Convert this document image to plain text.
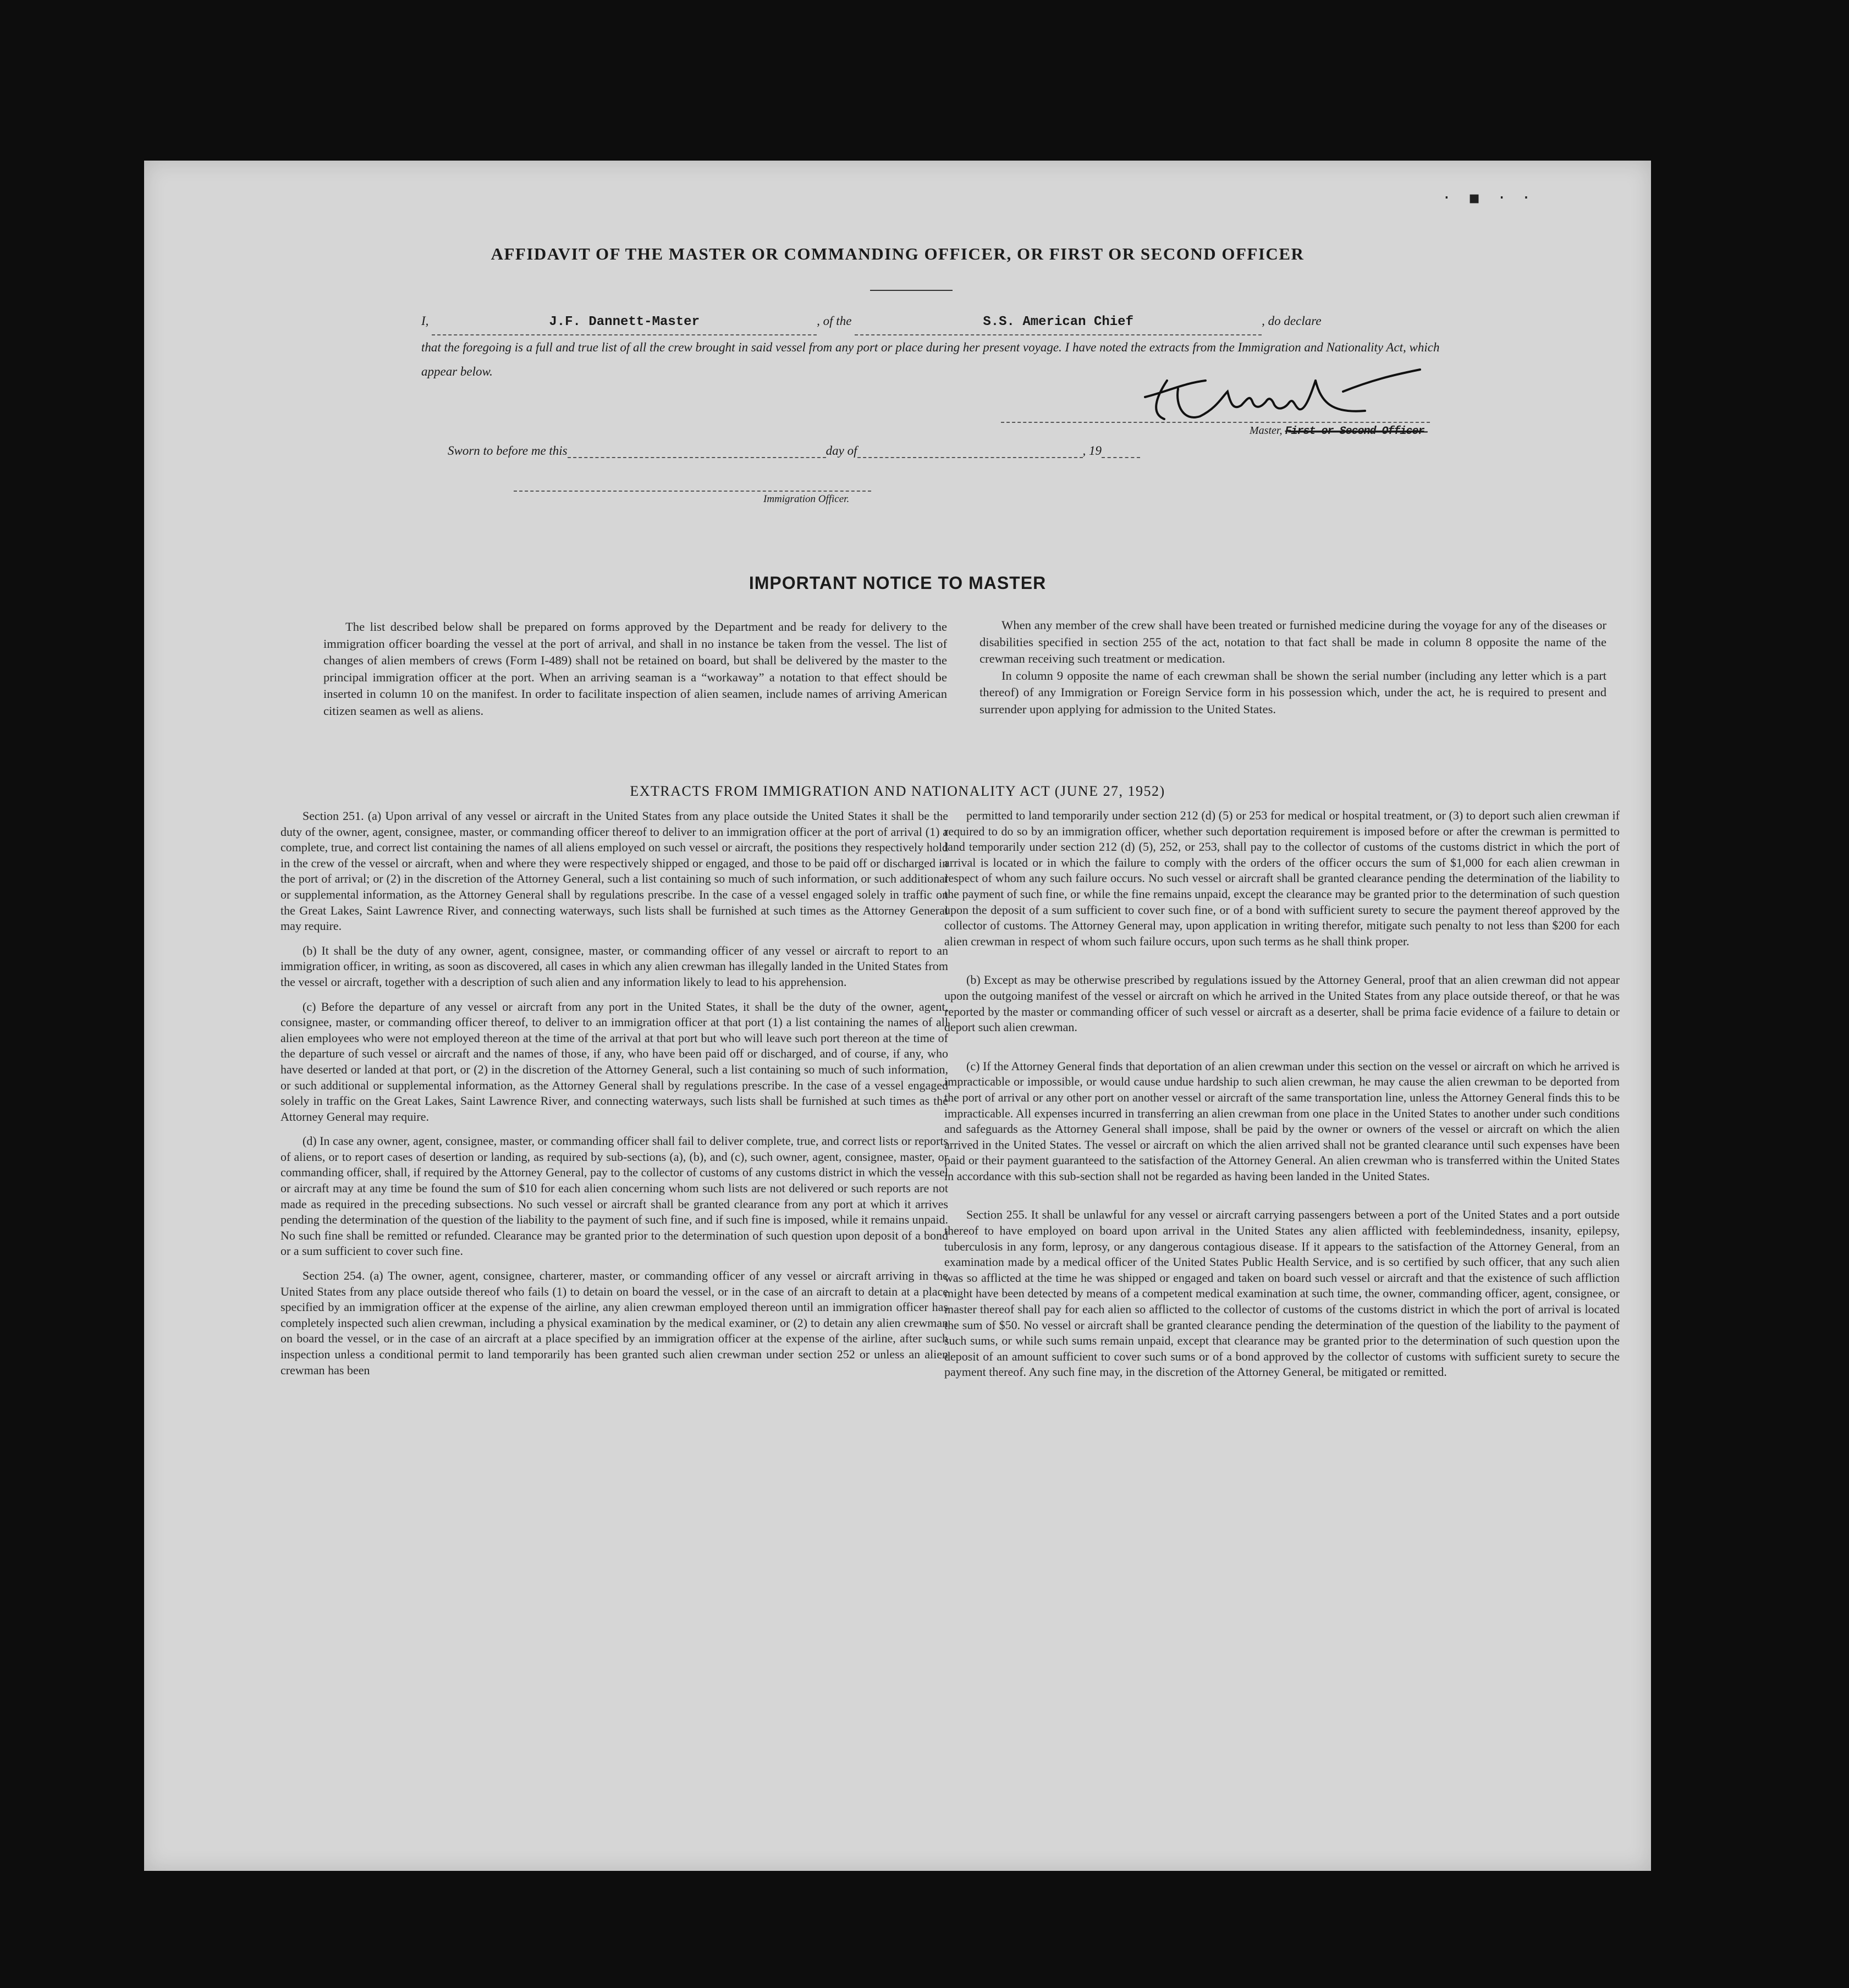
· ▪ · ·
AFFIDAVIT OF THE MASTER OR COMMANDING OFFICER, OR FIRST OR SECOND OFFICER
I,	J.F. Dannett-Master	, of the	S.S. American Chief	, do declare
that the foregoing is a full and true list of all the crew brought in said vessel from any port or place during her present voyage. I have noted the extracts from the Immigration and Nationality Act, which appear below.
Master, F̶i̶r̶s̶t̶ ̶o̶r̶ ̶S̶e̶c̶o̶n̶d̶ ̶O̶f̶f̶i̶c̶e̶r̶
Sworn to before me this	day of	, 19
Immigration Officer.
IMPORTANT NOTICE TO MASTER

The list described below shall be prepared on forms approved by the Department and be ready for delivery to the immigration officer boarding the vessel at the port of arrival, and shall in no instance be taken from the vessel. The list of changes of alien members of crews (Form I-489) shall not be retained on board, but shall be delivered by the master to the principal immigration officer at the port. When an arriving seaman is a “workaway” a notation to that effect should be inserted in column 10 on the manifest. In order to facilitate inspection of alien seamen, include names of arriving American citizen seamen as well as aliens.

When any member of the crew shall have been treated or furnished medicine during the voyage for any of the diseases or disabilities specified in section 255 of the act, notation to that fact shall be made in column 8 opposite the name of the crewman receiving such treatment or medication.

In column 9 opposite the name of each crewman shall be shown the serial number (including any letter which is a part thereof) of any Immigration or Foreign Service form in his possession which, under the act, he is required to present and surrender upon applying for admission to the United States.

EXTRACTS FROM IMMIGRATION AND NATIONALITY ACT (JUNE 27, 1952)

Section 251. (a) Upon arrival of any vessel or aircraft in the United States from any place outside the United States it shall be the duty of the owner, agent, consignee, master, or commanding officer thereof to deliver to an immigration officer at the port of arrival (1) a complete, true, and correct list containing the names of all aliens employed on such vessel or aircraft, the positions they respectively hold in the crew of the vessel or aircraft, when and where they were respectively shipped or engaged, and those to be paid off or discharged in the port of arrival; or (2) in the discretion of the Attorney General, such a list containing so much of such information, or such additional or supplemental information, as the Attorney General shall by regulations prescribe. In the case of a vessel engaged solely in traffic on the Great Lakes, Saint Lawrence River, and connecting waterways, such lists shall be furnished at such times as the Attorney General may require.

(b) It shall be the duty of any owner, agent, consignee, master, or commanding officer of any vessel or aircraft to report to an immigration officer, in writing, as soon as discovered, all cases in which any alien crewman has illegally landed in the United States from the vessel or aircraft, together with a description of such alien and any information likely to lead to his apprehension.

(c) Before the departure of any vessel or aircraft from any port in the United States, it shall be the duty of the owner, agent, consignee, master, or commanding officer thereof, to deliver to an immigration officer at that port (1) a list containing the names of all alien employees who were not employed thereon at the time of the arrival at that port but who will leave such port thereon at the time of the departure of such vessel or aircraft and the names of those, if any, who have been paid off or discharged, and of course, if any, who have deserted or landed at that port, or (2) in the discretion of the Attorney General, such a list containing so much of such information, or such additional or supplemental information, as the Attorney General shall by regulations prescribe. In the case of a vessel engaged solely in traffic on the Great Lakes, Saint Lawrence River, and connecting waterways, such lists shall be furnished at such times as the Attorney General may require.

(d) In case any owner, agent, consignee, master, or commanding officer shall fail to deliver complete, true, and correct lists or reports of aliens, or to report cases of desertion or landing, as required by sub-sections (a), (b), and (c), such owner, agent, consignee, master, or commanding officer, shall, if required by the Attorney General, pay to the collector of customs of any customs district in which the vessel or aircraft may at any time be found the sum of $10 for each alien concerning whom such lists are not delivered or such reports are not made as required in the preceding subsections. No such vessel or aircraft shall be granted clearance from any port at which it arrives pending the determination of the question of the liability to the payment of such fine, and if such fine is imposed, while it remains unpaid. No such fine shall be remitted or refunded. Clearance may be granted prior to the determination of such question upon deposit of a bond or a sum sufficient to cover such fine.

Section 254. (a) The owner, agent, consignee, charterer, master, or commanding officer of any vessel or aircraft arriving in the United States from any place outside thereof who fails (1) to detain on board the vessel, or in the case of an aircraft to detain at a place specified by an immigration officer at the expense of the airline, any alien crewman employed thereon until an immigration officer has completely inspected such alien crewman, including a physical examination by the medical examiner, or (2) to detain any alien crewman on board the vessel, or in the case of an aircraft at a place specified by an immigration officer at the expense of the airline, after such inspection unless a conditional permit to land temporarily has been granted such alien crewman under section 252 or unless an alien crewman has been

permitted to land temporarily under section 212 (d) (5) or 253 for medical or hospital treatment, or (3) to deport such alien crewman if required to do so by an immigration officer, whether such deportation requirement is imposed before or after the crewman is permitted to land temporarily under section 212 (d) (5), 252, or 253, shall pay to the collector of customs of the customs district in which the port of arrival is located or in which the failure to comply with the orders of the officer occurs the sum of $1,000 for each alien crewman in respect of whom any such failure occurs. No such vessel or aircraft shall be granted clearance pending the determination of the liability to the payment of such fine, or while the fine remains unpaid, except the clearance may be granted prior to the determination of such question upon the deposit of a sum sufficient to cover such fine, or of a bond with sufficient surety to secure the payment thereof approved by the collector of customs. The Attorney General may, upon application in writing therefor, mitigate such penalty to not less than $200 for each alien crewman in respect of whom such failure occurs, upon such terms as he shall think proper.

(b) Except as may be otherwise prescribed by regulations issued by the Attorney General, proof that an alien crewman did not appear upon the outgoing manifest of the vessel or aircraft on which he arrived in the United States from any place outside thereof, or that he was reported by the master or commanding officer of such vessel or aircraft as a deserter, shall be prima facie evidence of a failure to detain or deport such alien crewman.

(c) If the Attorney General finds that deportation of an alien crewman under this section on the vessel or aircraft on which he arrived is impracticable or impossible, or would cause undue hardship to such alien crewman, he may cause the alien crewman to be deported from the port of arrival or any other port on another vessel or aircraft of the same transportation line, unless the Attorney General finds this to be impracticable. All expenses incurred in transferring an alien crewman from one place in the United States to another under such conditions and safeguards as the Attorney General shall impose, shall be paid by the owner or owners of the vessel or aircraft on which the alien arrived in the United States. The vessel or aircraft on which the alien arrived shall not be granted clearance until such expenses have been paid or their payment guaranteed to the satisfaction of the Attorney General. An alien crewman who is transferred within the United States in accordance with this sub-section shall not be regarded as having been landed in the United States.

Section 255. It shall be unlawful for any vessel or aircraft carrying passengers between a port of the United States and a port outside thereof to have employed on board upon arrival in the United States any alien afflicted with feeblemindedness, insanity, epilepsy, tuberculosis in any form, leprosy, or any dangerous contagious disease. If it appears to the satisfaction of the Attorney General, from an examination made by a medical officer of the United States Public Health Service, and is so certified by such officer, that any such alien was so afflicted at the time he was shipped or engaged and taken on board such vessel or aircraft and that the existence of such affliction might have been detected by means of a competent medical examination at such time, the owner, commanding officer, agent, consignee, or master thereof shall pay for each alien so afflicted to the collector of customs of the customs district in which the port of arrival is located the sum of $50. No vessel or aircraft shall be granted clearance pending the determination of the question of the liability to the payment of such sums, or while such sums remain unpaid, except that clearance may be granted prior to the determination of such question upon the deposit of an amount sufficient to cover such sums or of a bond approved by the collector of customs with sufficient surety to secure the payment thereof. Any such fine may, in the discretion of the Attorney General, be mitigated or remitted.
